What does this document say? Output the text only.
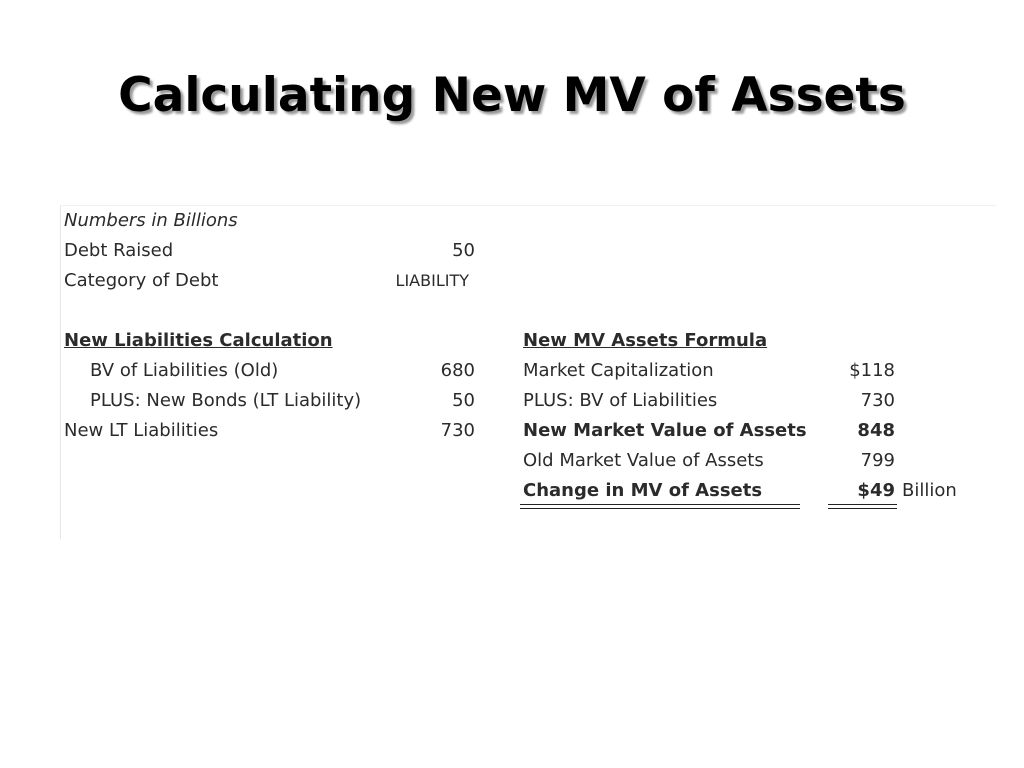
Calculating New MV of Assets
Numbers in Billions
Debt Raised	50
Category of Debt	LIABILITY
New Liabilities Calculation
BV of Liabilities (Old)	680
PLUS: New Bonds (LT Liability)	50
New LT Liabilities	730
New MV Assets Formula
Market Capitalization	$118
PLUS: BV of Liabilities	730
New Market Value of Assets	848
Old Market Value of Assets	799
Change in MV of Assets	$49 Billion
